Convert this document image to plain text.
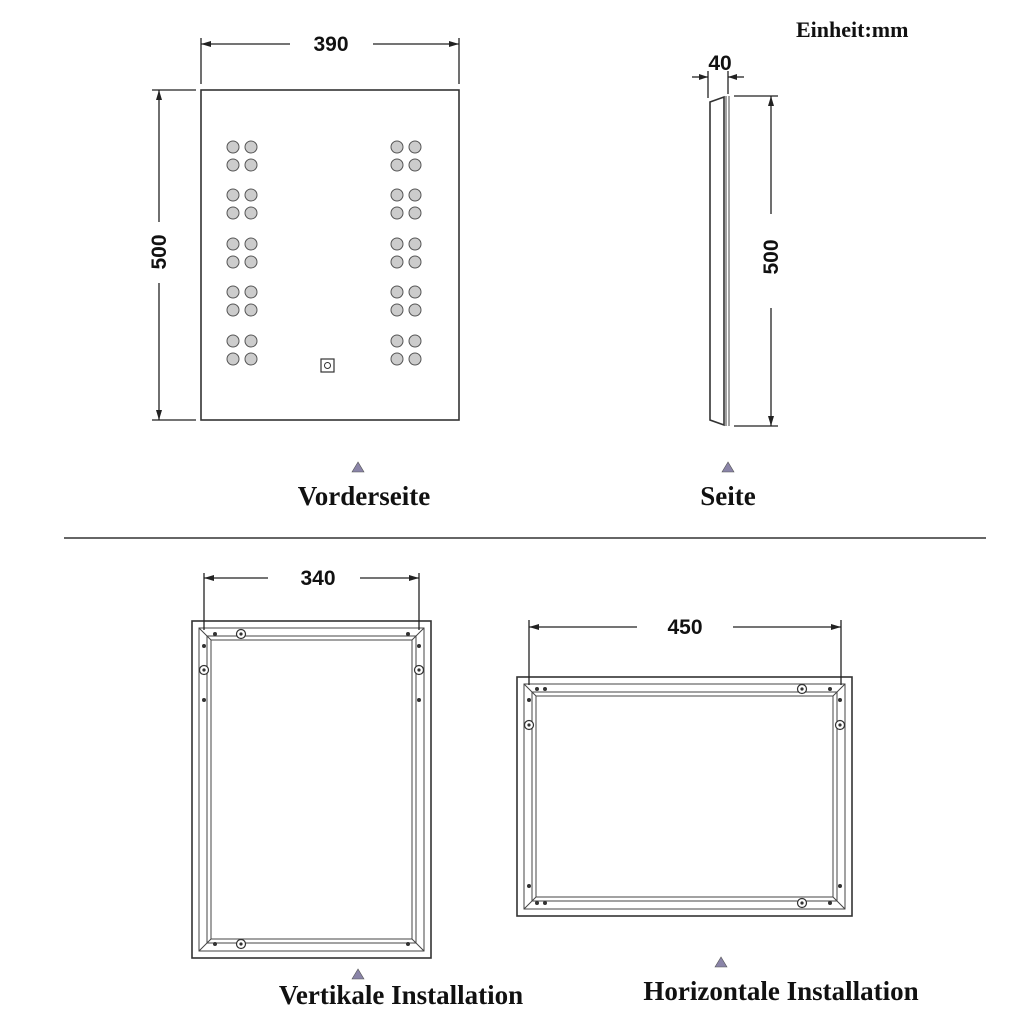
Einheit:mm
390
500
Vorderseite
40
500
Seite
340
Vertikale Installation
450
Horizontale Installation
